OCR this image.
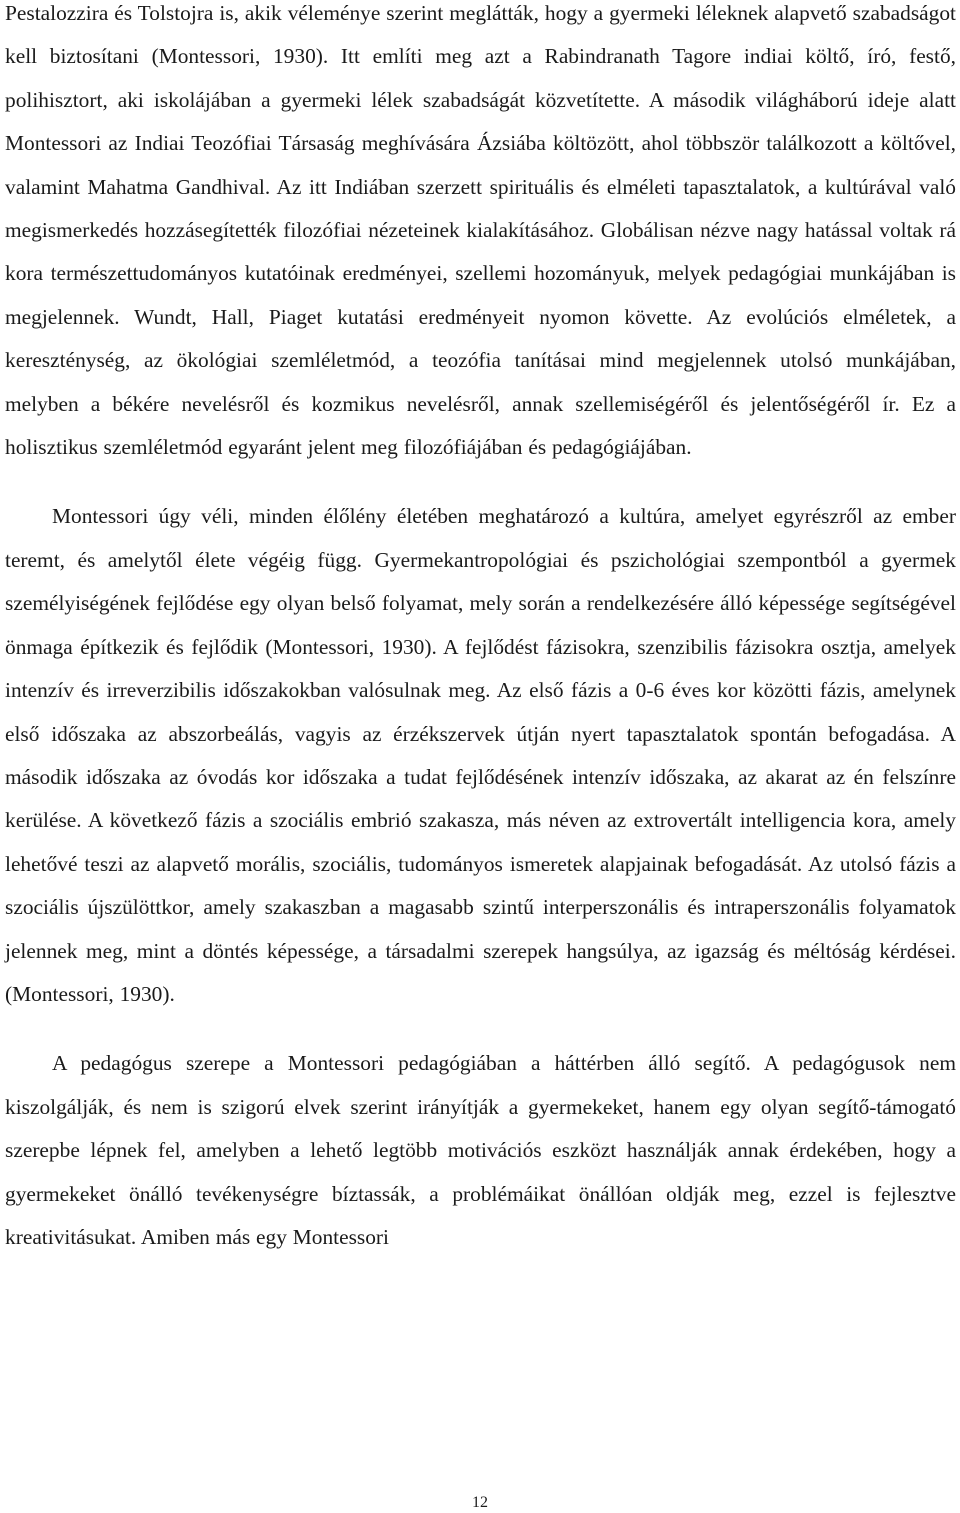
Pestalozzira és Tolstojra is, akik véleménye szerint meglátták, hogy a gyermeki léleknek alapvető szabadságot kell biztosítani (Montessori, 1930). Itt említi meg azt a Rabindranath Tagore indiai költő, író, festő, polihisztort, aki iskolájában a gyermeki lélek szabadságát közvetítette. A második világháború ideje alatt Montessori az Indiai Teozófiai Társaság meghívására Ázsiába költözött, ahol többször találkozott a költővel, valamint Mahatma Gandhival. Az itt Indiában szerzett spirituális és elméleti tapasztalatok, a kultúrával való megismerkedés hozzásegítették filozófiai nézeteinek kialakításához. Globálisan nézve nagy hatással voltak rá kora természettudományos kutatóinak eredményei, szellemi hozományuk, melyek pedagógiai munkájában is megjelennek. Wundt, Hall, Piaget kutatási eredményeit nyomon követte. Az evolúciós elméletek, a kereszténység, az ökológiai szemléletmód, a teozófia tanításai mind megjelennek utolsó munkájában, melyben a békére nevelésről és kozmikus nevelésről, annak szellemiségéről és jelentőségéről ír. Ez a holisztikus szemléletmód egyaránt jelent meg filozófiájában és pedagógiájában.

Montessori úgy véli, minden élőlény életében meghatározó a kultúra, amelyet egyrészről az ember teremt, és amelytől élete végéig függ. Gyermekantropológiai és pszichológiai szempontból a gyermek személyiségének fejlődése egy olyan belső folyamat, mely során a rendelkezésére álló képessége segítségével önmaga építkezik és fejlődik (Montessori, 1930). A fejlődést fázisokra, szenzibilis fázisokra osztja, amelyek intenzív és irreverzibilis időszakokban valósulnak meg. Az első fázis a 0-6 éves kor közötti fázis, amelynek első időszaka az abszorbeálás, vagyis az érzékszervek útján nyert tapasztalatok spontán befogadása. A második időszaka az óvodás kor időszaka a tudat fejlődésének intenzív időszaka, az akarat az én felszínre kerülése. A következő fázis a szociális embrió szakasza, más néven az extrovertált intelligencia kora, amely lehetővé teszi az alapvető morális, szociális, tudományos ismeretek alapjainak befogadását. Az utolsó fázis a szociális újszülöttkor, amely szakaszban a magasabb szintű interperszonális és intraperszonális folyamatok jelennek meg, mint a döntés képessége, a társadalmi szerepek hangsúlya, az igazság és méltóság kérdései. (Montessori, 1930).

A pedagógus szerepe a Montessori pedagógiában a háttérben álló segítő. A pedagógusok nem kiszolgálják, és nem is szigorú elvek szerint irányítják a gyermekeket, hanem egy olyan segítő-támogató szerepbe lépnek fel, amelyben a lehető legtöbb motivációs eszközt használják annak érdekében, hogy a gyermekeket önálló tevékenységre bíztassák, a problémáikat önállóan oldják meg, ezzel is fejlesztve kreativitásukat. Amiben más egy Montessori

12
